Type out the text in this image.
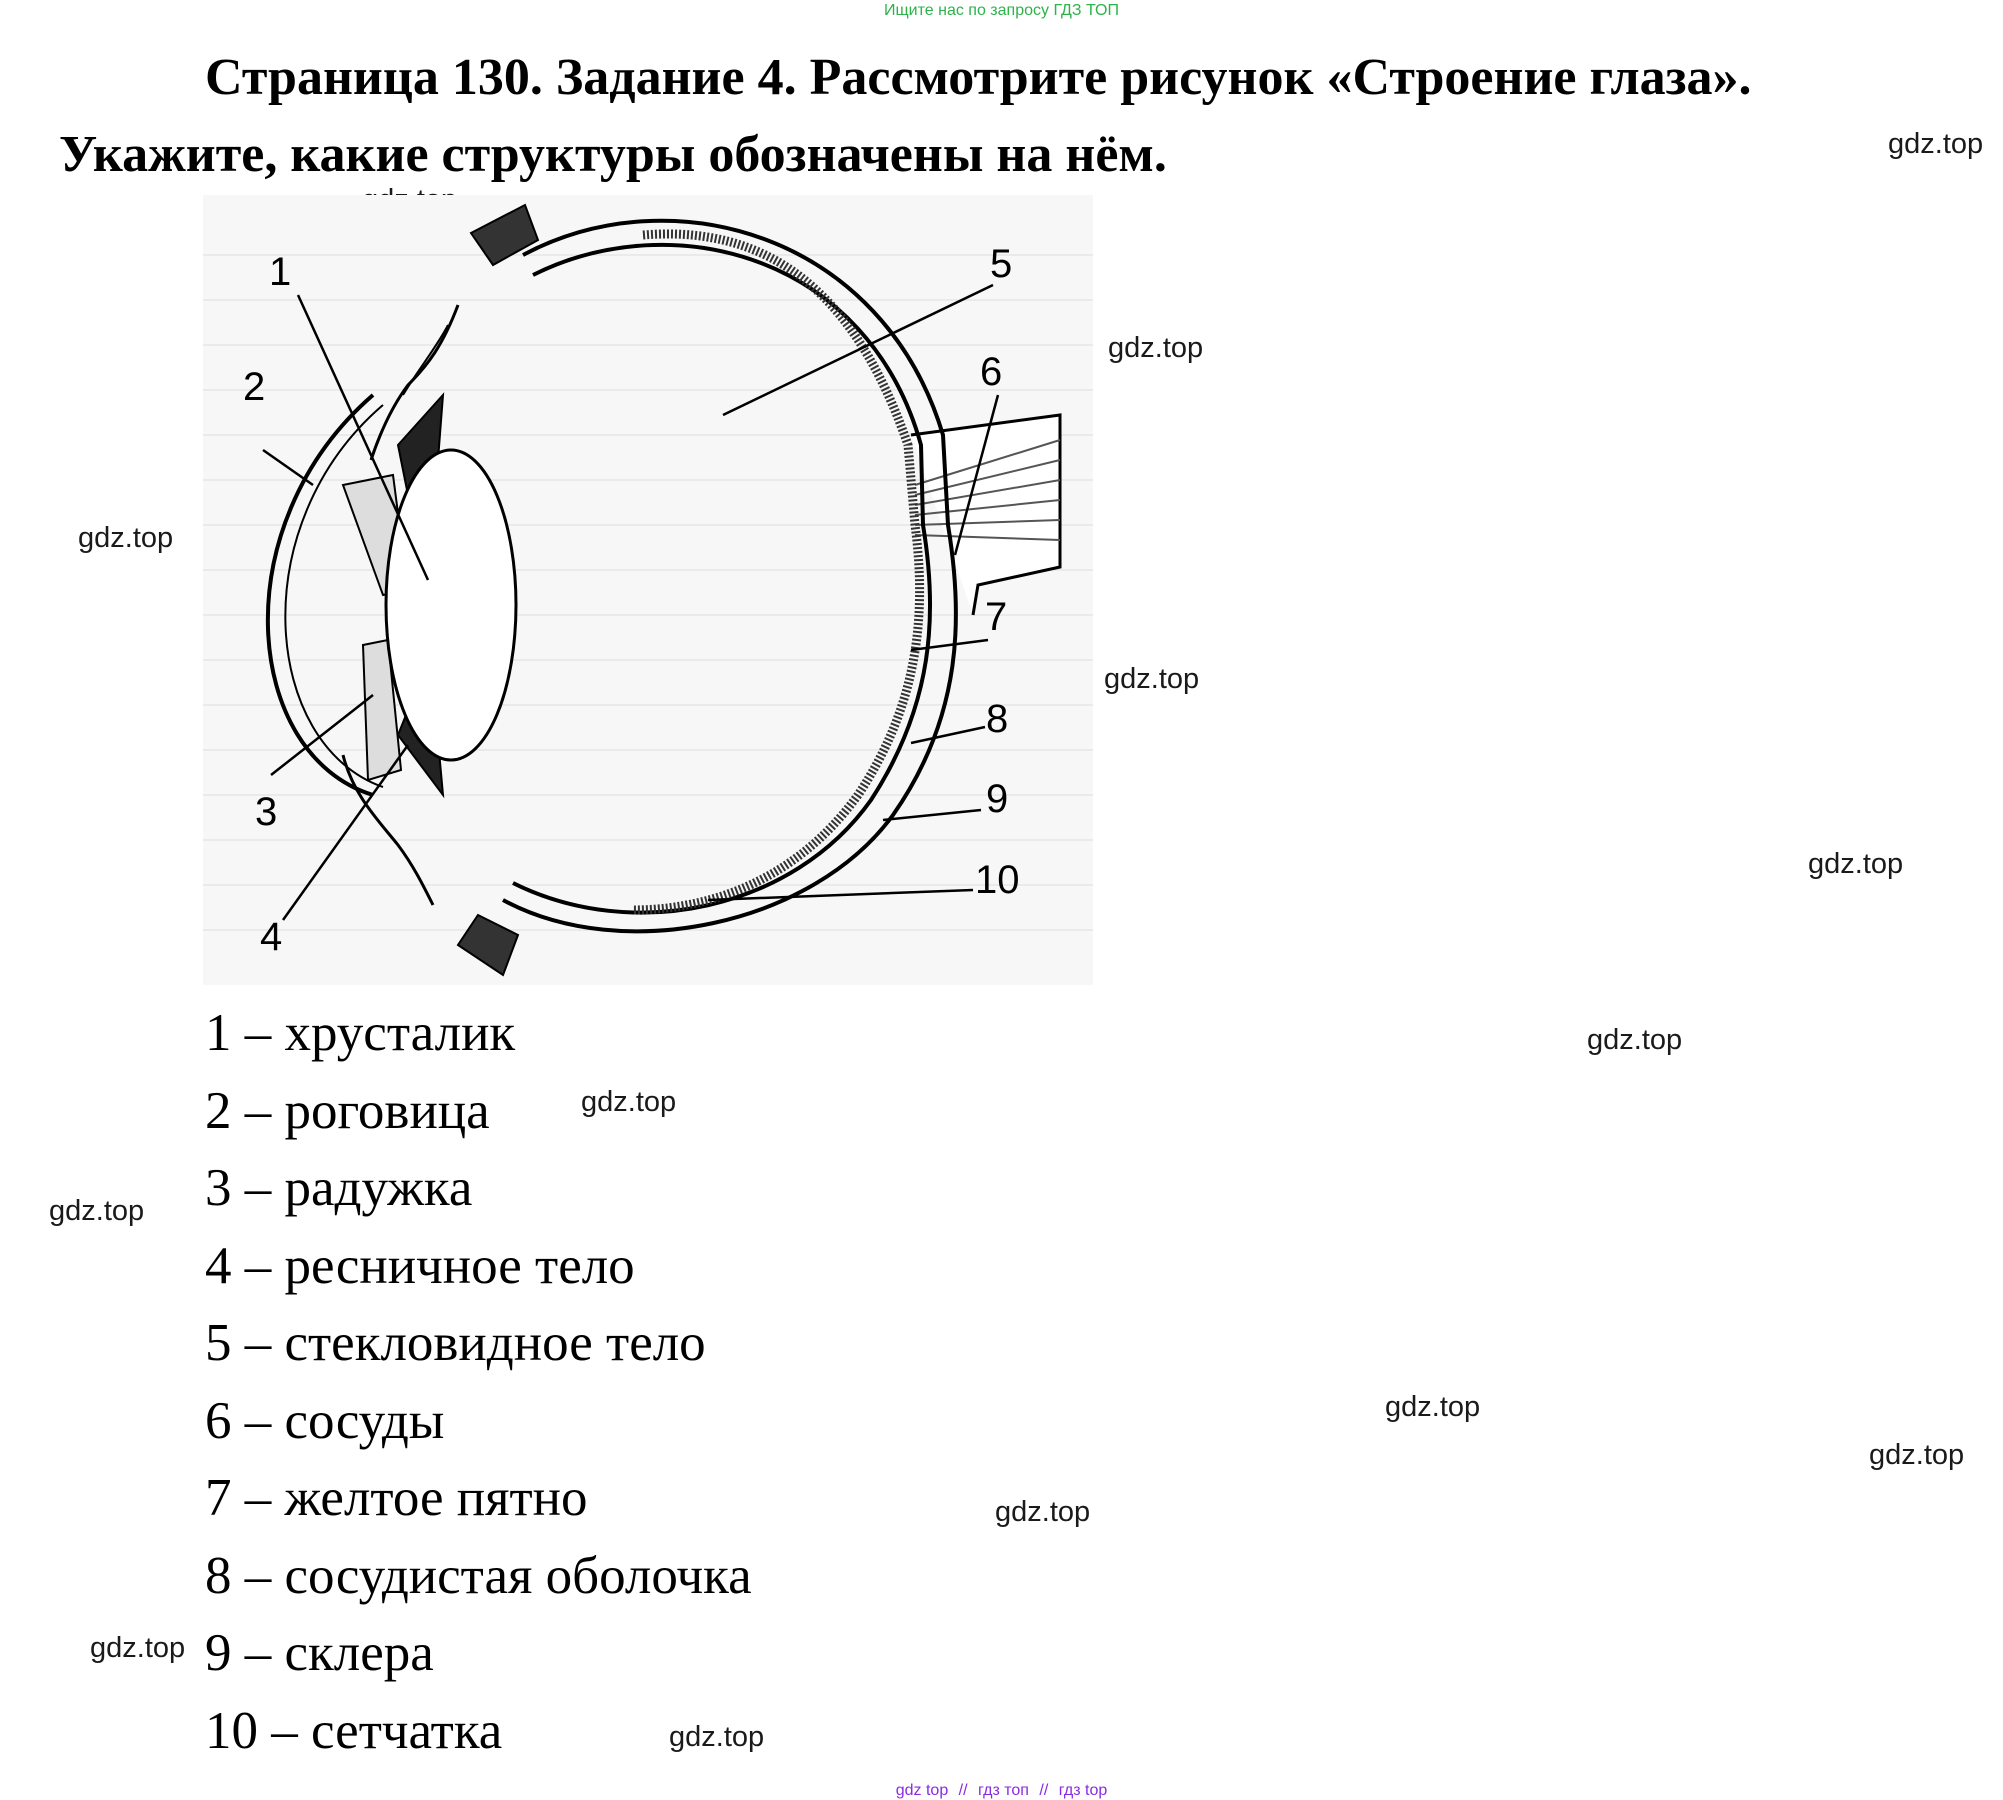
Ищите нас по запросу ГДЗ ТОП
Страница 130. Задание 4. Рассмотрите рисунок «Строение глаза».
Укажите, какие структуры обозначены на нём.	gdz.top
gdz.top
gdz.top
gdz.top
gdz.top
gdz.top
gdz.top
gdz.top
gdz.top
gdz.top
gdz.top
gdz.top
gdz.top
1
2
3
4
5
6
7
8
9
10
1 – хрусталик
2 – роговица
3 – радужка
4 – ресничное тело
5 – стекловидное тело
6 – сосуды
7 – желтое пятно
8 – сосудистая оболочка
9 – склера
10 – сетчатка
gdz top // гдз топ // гдз top
